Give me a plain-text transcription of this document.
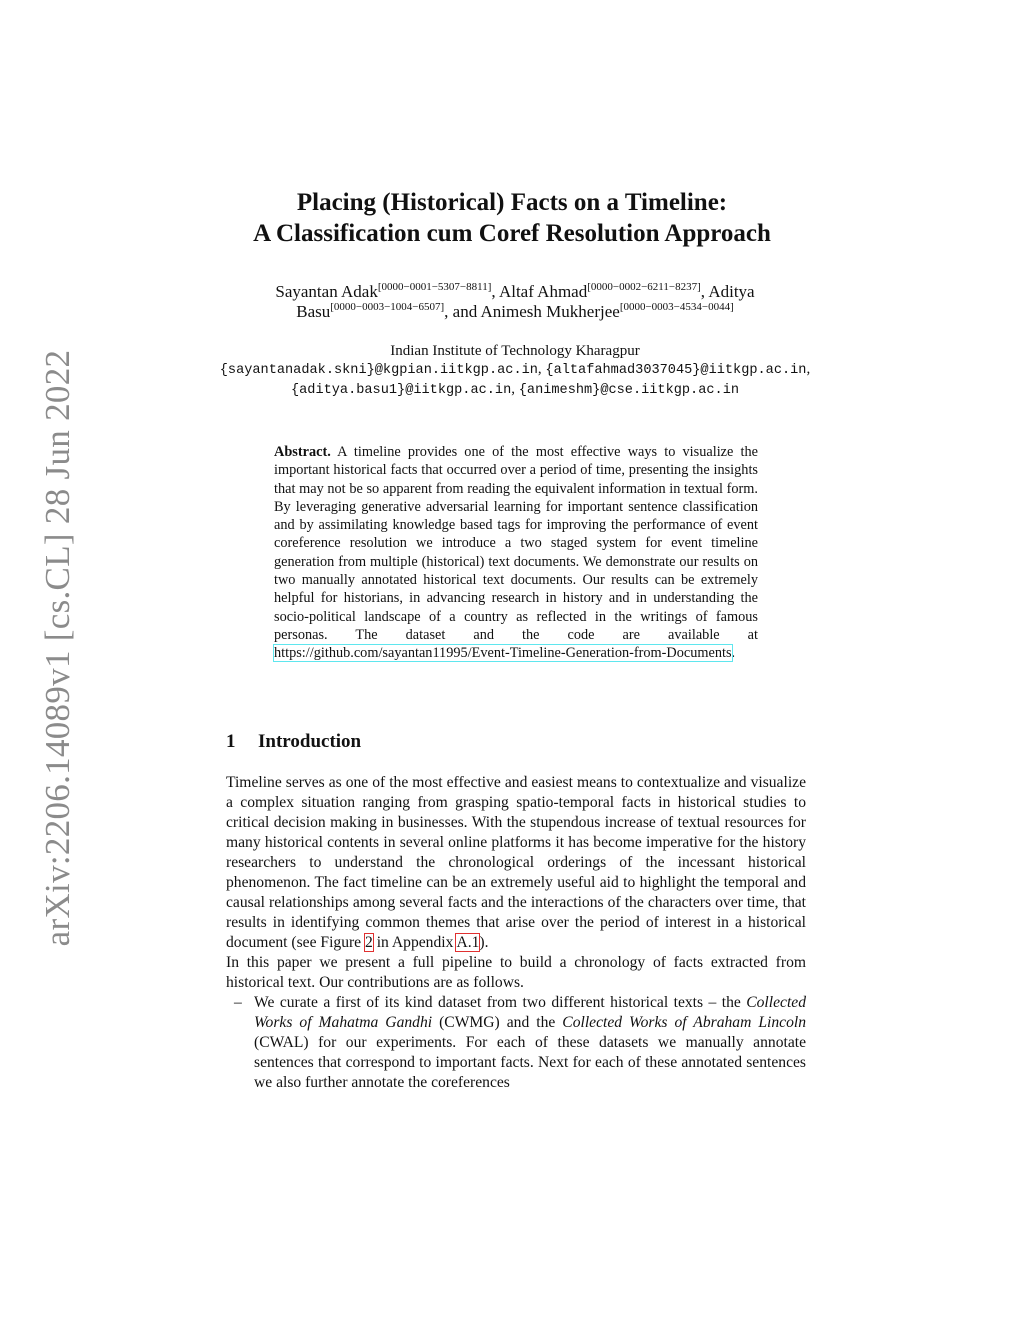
arXiv:2206.14089v1 [cs.CL] 28 Jun 2022
Placing (Historical) Facts on a Timeline:
A Classification cum Coref Resolution Approach
Sayantan Adak[0000−0001−5307−8811], Altaf Ahmad[0000−0002−6211−8237], Aditya Basu[0000−0003−1004−6507], and Animesh Mukherjee[0000−0003−4534−0044]
Indian Institute of Technology Kharagpur
{sayantanadak.skni}@kgpian.iitkgp.ac.in, {altafahmad3037045}@iitkgp.ac.in,
{aditya.basu1}@iitkgp.ac.in, {animeshm}@cse.iitkgp.ac.in
Abstract. A timeline provides one of the most effective ways to visualize the important historical facts that occurred over a period of time, presenting the insights that may not be so apparent from reading the equivalent information in textual form. By leveraging generative adversarial learning for important sentence classification and by assimilating knowledge based tags for improving the performance of event coreference resolution we introduce a two staged system for event timeline generation from multiple (historical) text documents. We demonstrate our results on two manually annotated historical text documents. Our results can be extremely helpful for historians, in advancing research in history and in understanding the socio-political landscape of a country as reflected in the writings of famous personas. The dataset and the code are available at https://github.com/sayantan11995/Event-Timeline-Generation-from-Documents.
1 Introduction

Timeline serves as one of the most effective and easiest means to contextualize and visualize a complex situation ranging from grasping spatio-temporal facts in historical studies to critical decision making in businesses. With the stupendous increase of textual resources for many historical contents in several online platforms it has become imperative for the history researchers to understand the chronological orderings of the incessant historical phenomenon. The fact timeline can be an extremely useful aid to highlight the temporal and causal relationships among several facts and the interactions of the characters over time, that results in identifying common themes that arise over the period of interest in a historical document (see Figure 2 in Appendix A.1).

In this paper we present a full pipeline to build a chronology of facts extracted from historical text. Our contributions are as follows.

– We curate a first of its kind dataset from two different historical texts – the Collected Works of Mahatma Gandhi (CWMG) and the Collected Works of Abraham Lincoln (CWAL) for our experiments. For each of these datasets we manually annotate sentences that correspond to important facts. Next for each of these annotated sentences we also further annotate the coreferences
